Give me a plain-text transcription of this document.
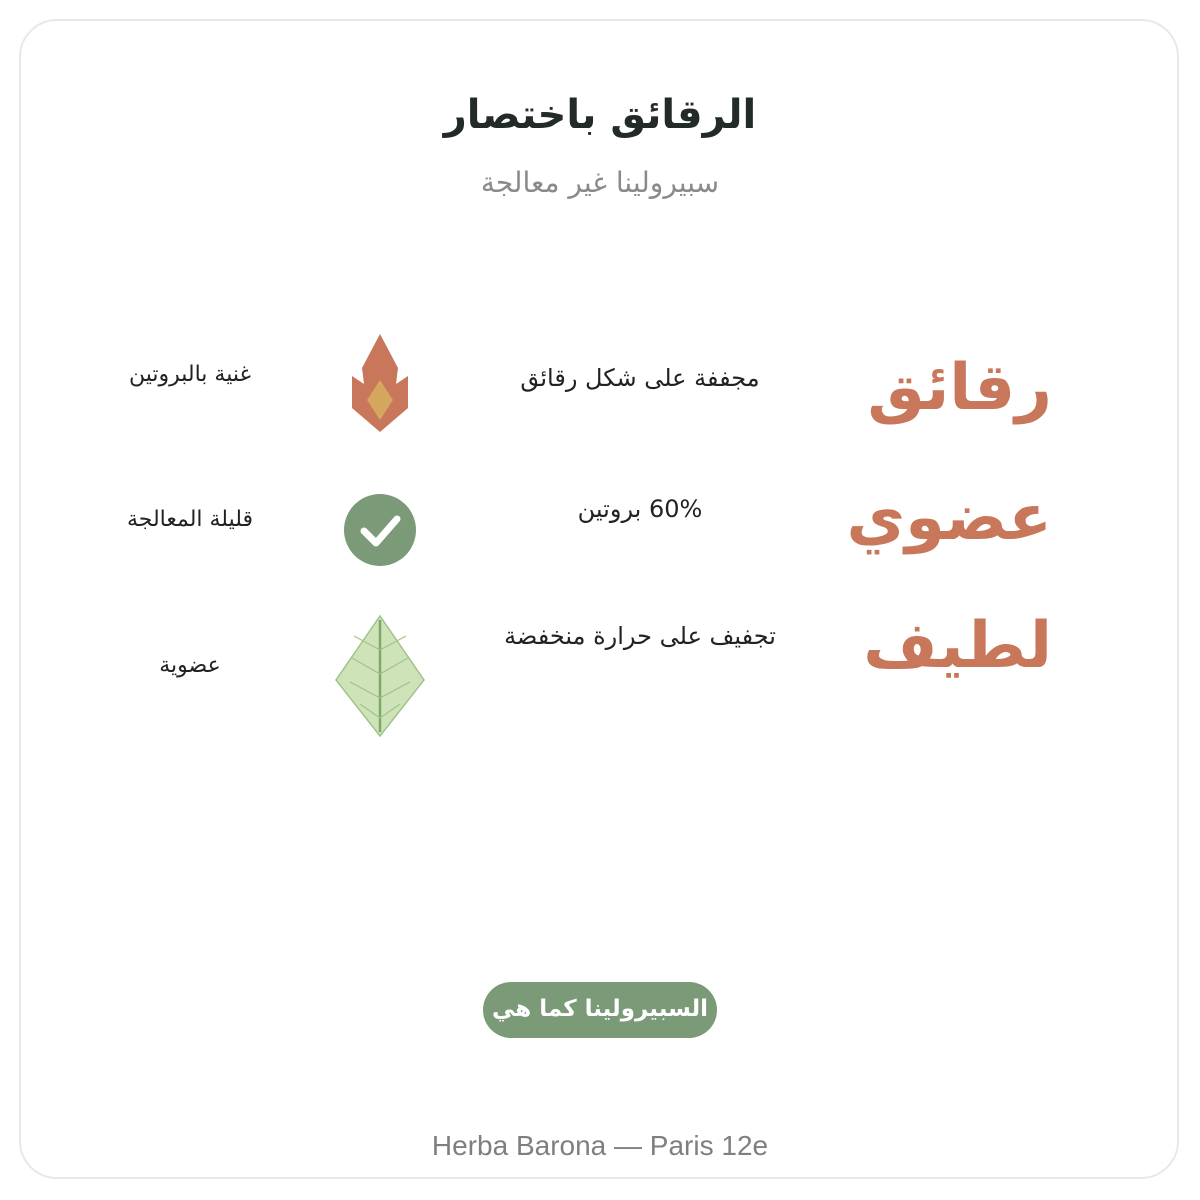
الرقائق باختصار
سبيرولينا غير معالجة
رقائق
مجففة على شكل رقائق
غنية بالبروتين
عضوي
60% بروتين
قليلة المعالجة
لطيف
تجفيف على حرارة منخفضة
عضوية
السبيرولينا كما هي
Herba Barona — Paris 12e
